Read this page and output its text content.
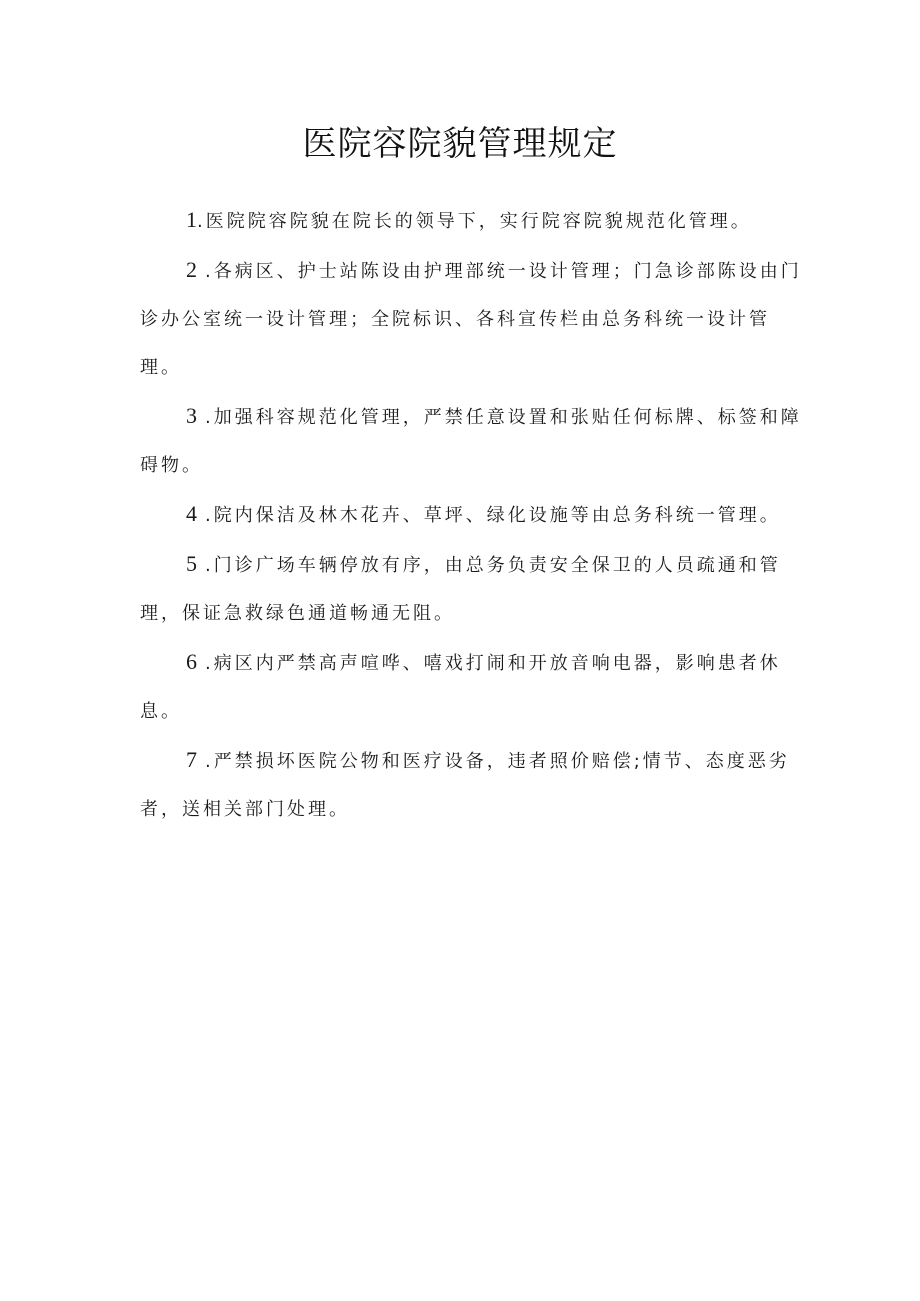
医院容院貌管理规定

1.医院院容院貌在院长的领导下，实行院容院貌规范化管理。

2.各病区、护士站陈设由护理部统一设计管理；门急诊部陈设由门诊办公室统一设计管理；全院标识、各科宣传栏由总务科统一设计管理。

3.加强科容规范化管理，严禁任意设置和张贴任何标牌、标签和障碍物。

4.院内保洁及林木花卉、草坪、绿化设施等由总务科统一管理。

5.门诊广场车辆停放有序，由总务负责安全保卫的人员疏通和管理，保证急救绿色通道畅通无阻。

6.病区内严禁高声喧哗、嘻戏打闹和开放音响电器，影响患者休息。

7.严禁损坏医院公物和医疗设备，违者照价赔偿;情节、态度恶劣者，送相关部门处理。
